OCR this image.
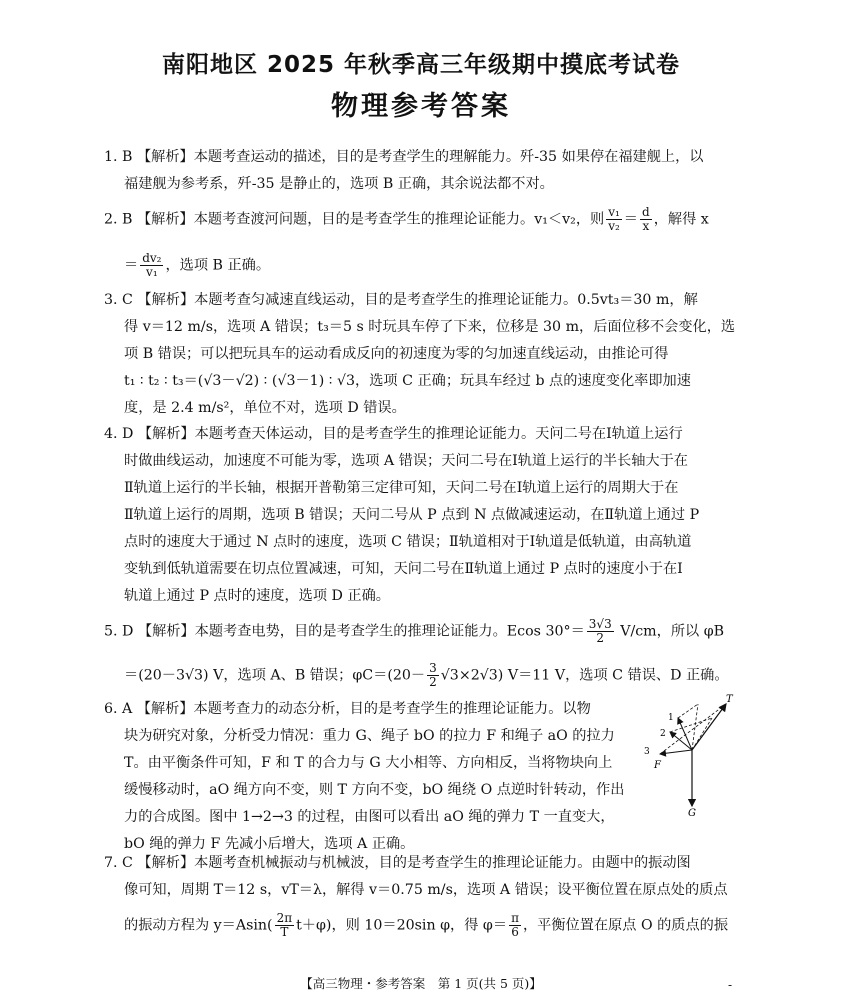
南阳地区 2025 年秋季高三年级期中摸底考试卷
物理参考答案
1. B 【解析】本题考查运动的描述，目的是考查学生的理解能力。歼-35 如果停在福建舰上，以
福建舰为参考系，歼-35 是静止的，选项 B 正确，其余说法都不对。
2. B 【解析】本题考查渡河问题，目的是考查学生的推理论证能力。v₁＜v₂，则 $\frac{\text{v₁}}{\text{v₂}} = \frac{d}{x}$ ，解得 x
＝ $\frac{\text{dv₂}}{\text{v₁}}$ ，选项 B 正确。
3. C 【解析】本题考查匀减速直线运动，目的是考查学生的推理论证能力。0.5vt₃＝30 m，解
得 v＝12 m/s，选项 A 错误；t₃＝5 s 时玩具车停了下来，位移是 30 m，后面位移不会变化，选
项 B 错误；可以把玩具车的运动看成反向的初速度为零的匀加速直线运动，由推论可得
t₁ ∶ t₂ ∶ t₃＝(√3－√2) ∶ (√3－1) ∶ √3，选项 C 正确；玩具车经过 b 点的速度变化率即加速
度，是 2.4 m/s²，单位不对，选项 D 错误。
4. D 【解析】本题考查天体运动，目的是考查学生的推理论证能力。天问二号在Ⅰ轨道上运行
时做曲线运动，加速度不可能为零，选项 A 错误；天问二号在Ⅰ轨道上运行的半长轴大于在
Ⅱ轨道上运行的半长轴，根据开普勒第三定律可知，天问二号在Ⅰ轨道上运行的周期大于在
Ⅱ轨道上运行的周期，选项 B 错误；天问二号从 P 点到 N 点做减速运动，在Ⅱ轨道上通过 P
点时的速度大于通过 N 点时的速度，选项 C 错误；Ⅱ轨道相对于Ⅰ轨道是低轨道，由高轨道
变轨到低轨道需要在切点位置减速，可知，天问二号在Ⅱ轨道上通过 P 点时的速度小于在Ⅰ
轨道上通过 P 点时的速度，选项 D 正确。
5. D 【解析】本题考查电势，目的是考查学生的推理论证能力。Ecos $30^\circ= \frac{3√3}{2} V/cm$，所以 φB
＝(20－3√3) V，选项 A、B 错误；$\varphi C=(20- \frac{3}{2} √3\times 2√3)$ V＝11 V，选项 C 错误、D 正确。
6. A 【解析】本题考查力的动态分析，目的是考查学生的推理论证能力。以物
块为研究对象，分析受力情况：重力 G、绳子 bO 的拉力 F 和绳子 aO 的拉力
T。由平衡条件可知，F 和 T 的合力与 G 大小相等、方向相反，当将物块向上
缓慢移动时，aO 绳方向不变，则 T 方向不变，bO 绳绕 O 点逆时针转动，作出
力的合成图。图中 1→2→3 的过程，由图可以看出 aO 绳的弹力 T 一直变大，
bO 绳的弹力 F 先减小后增大，选项 A 正确。
T
1
2
3
F
G
7. C 【解析】本题考查机械振动与机械波，目的是考查学生的推理论证能力。由题中的振动图
像可知，周期 T＝12 s，vT＝λ，解得 v＝0.75 m/s，选项 A 错误；设平衡位置在原点处的质点
的振动方程为 $y=Asin( \frac{2\pi}{T} t+\varphi)$，则 10＝20sin φ，得 $\varphi= \frac{\pi}{6}$ ，平衡位置在原点 O 的质点的振
【高三物理・参考答案　第 1 页(共 5 页)】	-
